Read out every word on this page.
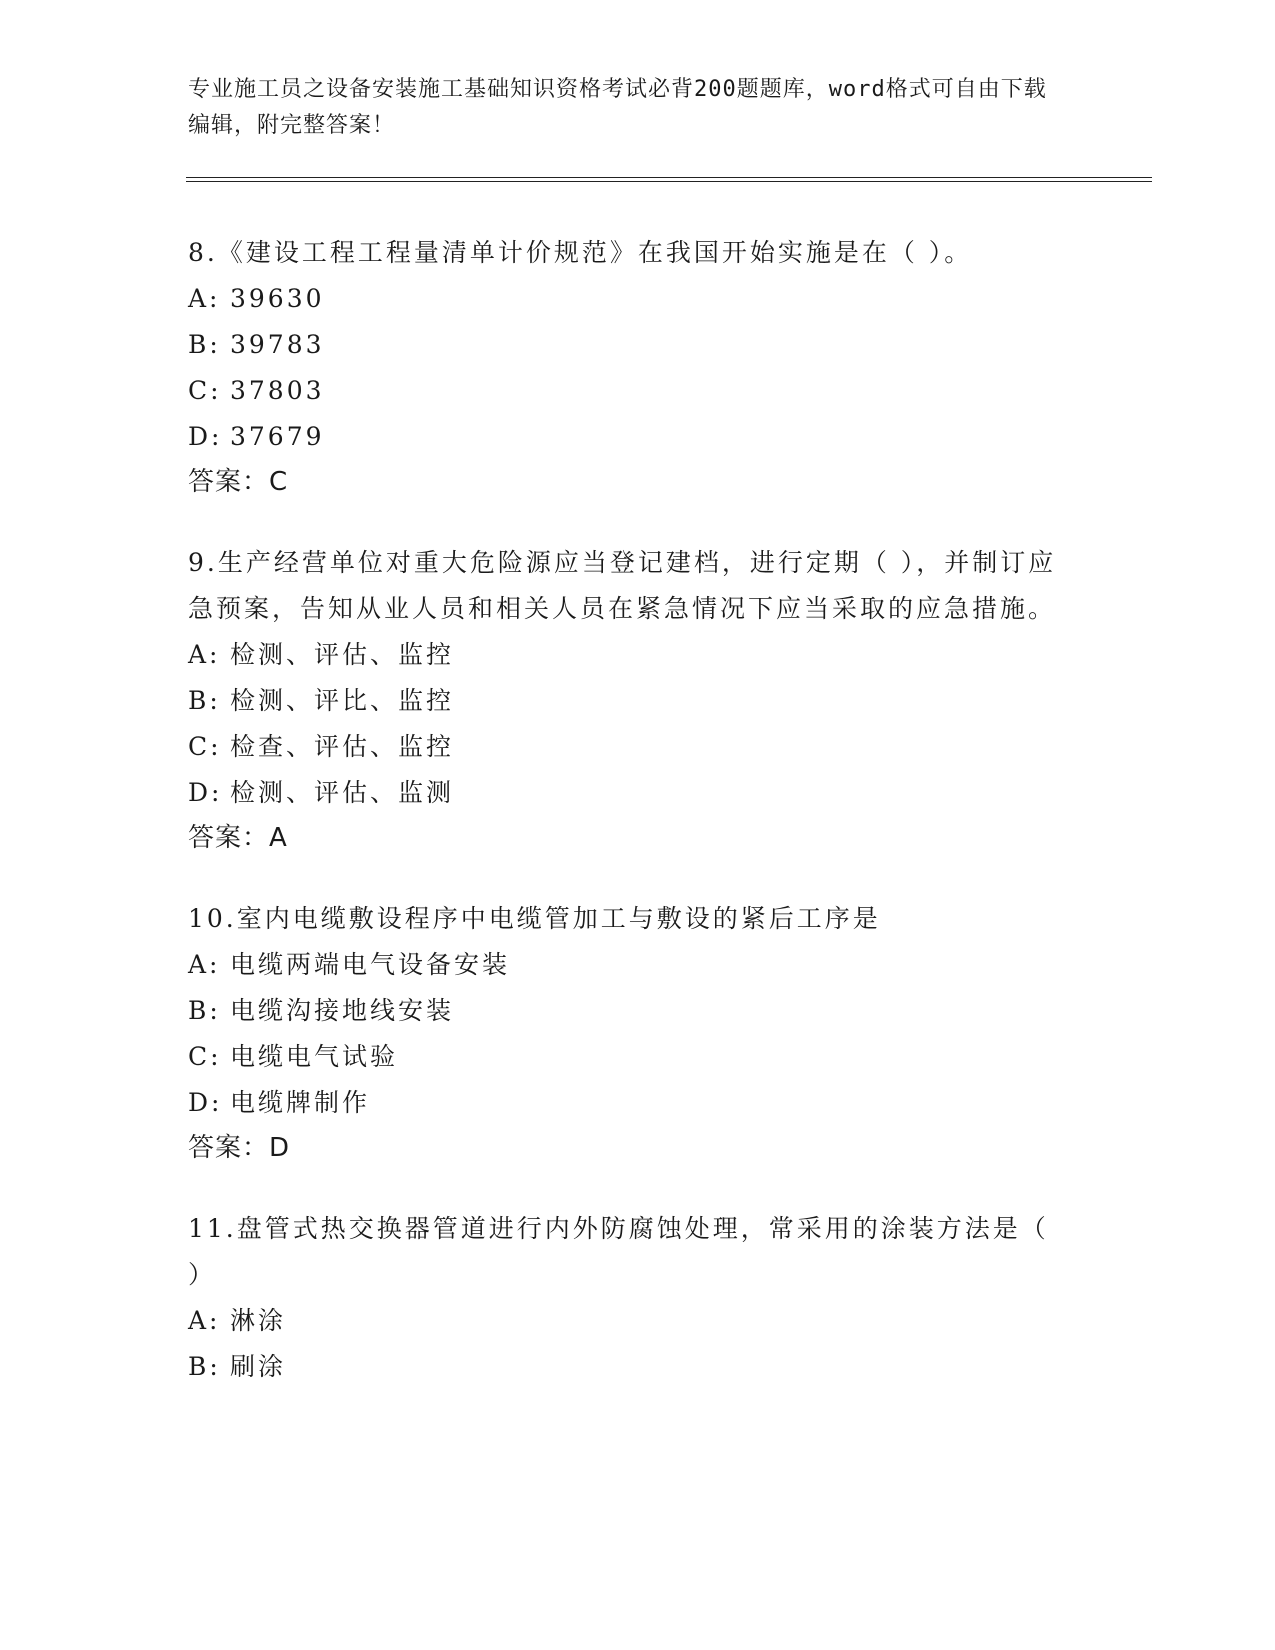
专业施工员之设备安装施工基础知识资格考试必背200题题库，word格式可自由下载编辑，附完整答案！
8.《建设工程工程量清单计价规范》在我国开始实施是在（ ）。
A: 39630
B: 39783
C: 37803
D: 37679
答案：C
9.生产经营单位对重大危险源应当登记建档，进行定期（ ），并制订应急预案，告知从业人员和相关人员在紧急情况下应当采取的应急措施。
A: 检测、评估、监控
B: 检测、评比、监控
C: 检查、评估、监控
D: 检测、评估、监测
答案：A
10.室内电缆敷设程序中电缆管加工与敷设的紧后工序是
A: 电缆两端电气设备安装
B: 电缆沟接地线安装
C: 电缆电气试验
D: 电缆牌制作
答案：D
11.盘管式热交换器管道进行内外防腐蚀处理，常采用的涂装方法是（ ）
A: 淋涂
B: 刷涂
